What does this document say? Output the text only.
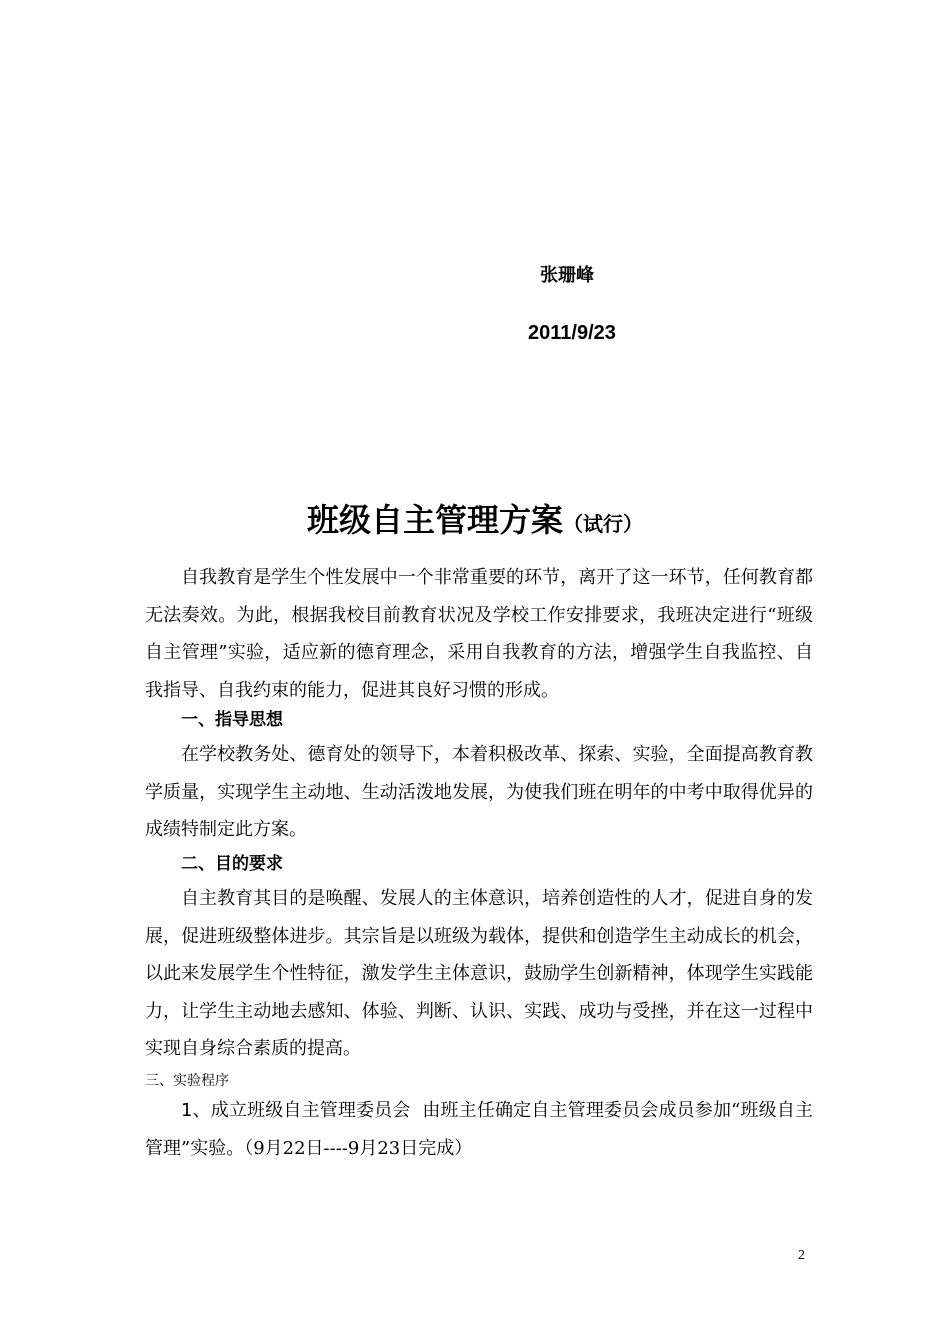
张珊峰
2011/9/23
班级自主管理方案（试行）

自我教育是学生个性发展中一个非常重要的环节，离开了这一环节，任何教育都无法奏效。为此，根据我校目前教育状况及学校工作安排要求，我班决定进行“班级自主管理”实验，适应新的德育理念，采用自我教育的方法，增强学生自我监控、自我指导、自我约束的能力，促进其良好习惯的形成。

一、指导思想

在学校教务处、德育处的领导下，本着积极改革、探索、实验，全面提高教育教学质量，实现学生主动地、生动活泼地发展，为使我们班在明年的中考中取得优异的成绩特制定此方案。

二、目的要求

自主教育其目的是唤醒、发展人的主体意识，培养创造性的人才，促进自身的发展，促进班级整体进步。其宗旨是以班级为载体，提供和创造学生主动成长的机会，以此来发展学生个性特征，激发学生主体意识，鼓励学生创新精神，体现学生实践能力，让学生主动地去感知、体验、判断、认识、实践、成功与受挫，并在这一过程中实现自身综合素质的提高。

三、实验程序

1、成立班级自主管理委员会 由班主任确定自主管理委员会成员参加“班级自主管理”实验。（9月22日----9月23日完成）

2
